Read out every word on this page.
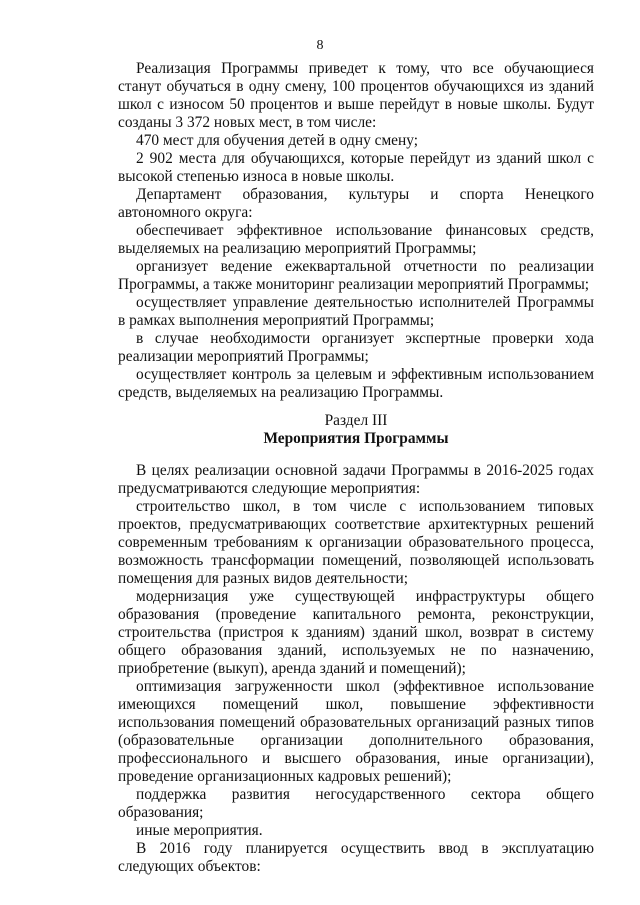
8

Реализация Программы приведет к тому, что все обучающиеся станут обучаться в одну смену, 100 процентов обучающихся из зданий школ с износом 50 процентов и выше перейдут в новые школы. Будут созданы 3 372 новых мест, в том числе:

470 мест для обучения детей в одну смену;

2 902 места для обучающихся, которые перейдут из зданий школ с высокой степенью износа в новые школы.

Департамент образования, культуры и спорта Ненецкого автономного округа:

обеспечивает эффективное использование финансовых средств, выделяемых на реализацию мероприятий Программы;

организует ведение ежеквартальной отчетности по реализации Программы, а также мониторинг реализации мероприятий Программы;

осуществляет управление деятельностью исполнителей Программы в рамках выполнения мероприятий Программы;

в случае необходимости организует экспертные проверки хода реализации мероприятий Программы;

осуществляет контроль за целевым и эффективным использованием средств, выделяемых на реализацию Программы.

Раздел III
Мероприятия Программы

В целях реализации основной задачи Программы в 2016-2025 годах предусматриваются следующие мероприятия:

строительство школ, в том числе с использованием типовых проектов, предусматривающих соответствие архитектурных решений современным требованиям к организации образовательного процесса, возможность трансформации помещений, позволяющей использовать помещения для разных видов деятельности;

модернизация уже существующей инфраструктуры общего образования (проведение капитального ремонта, реконструкции, строительства (пристроя к зданиям) зданий школ, возврат в систему общего образования зданий, используемых не по назначению, приобретение (выкуп), аренда зданий и помещений);

оптимизация загруженности школ (эффективное использование имеющихся помещений школ, повышение эффективности использования помещений образовательных организаций разных типов (образовательные организации дополнительного образования, профессионального и высшего образования, иные организации), проведение организационных кадровых решений);

поддержка развития негосударственного сектора общего образования;

иные мероприятия.

В 2016 году планируется осуществить ввод в эксплуатацию следующих объектов:
